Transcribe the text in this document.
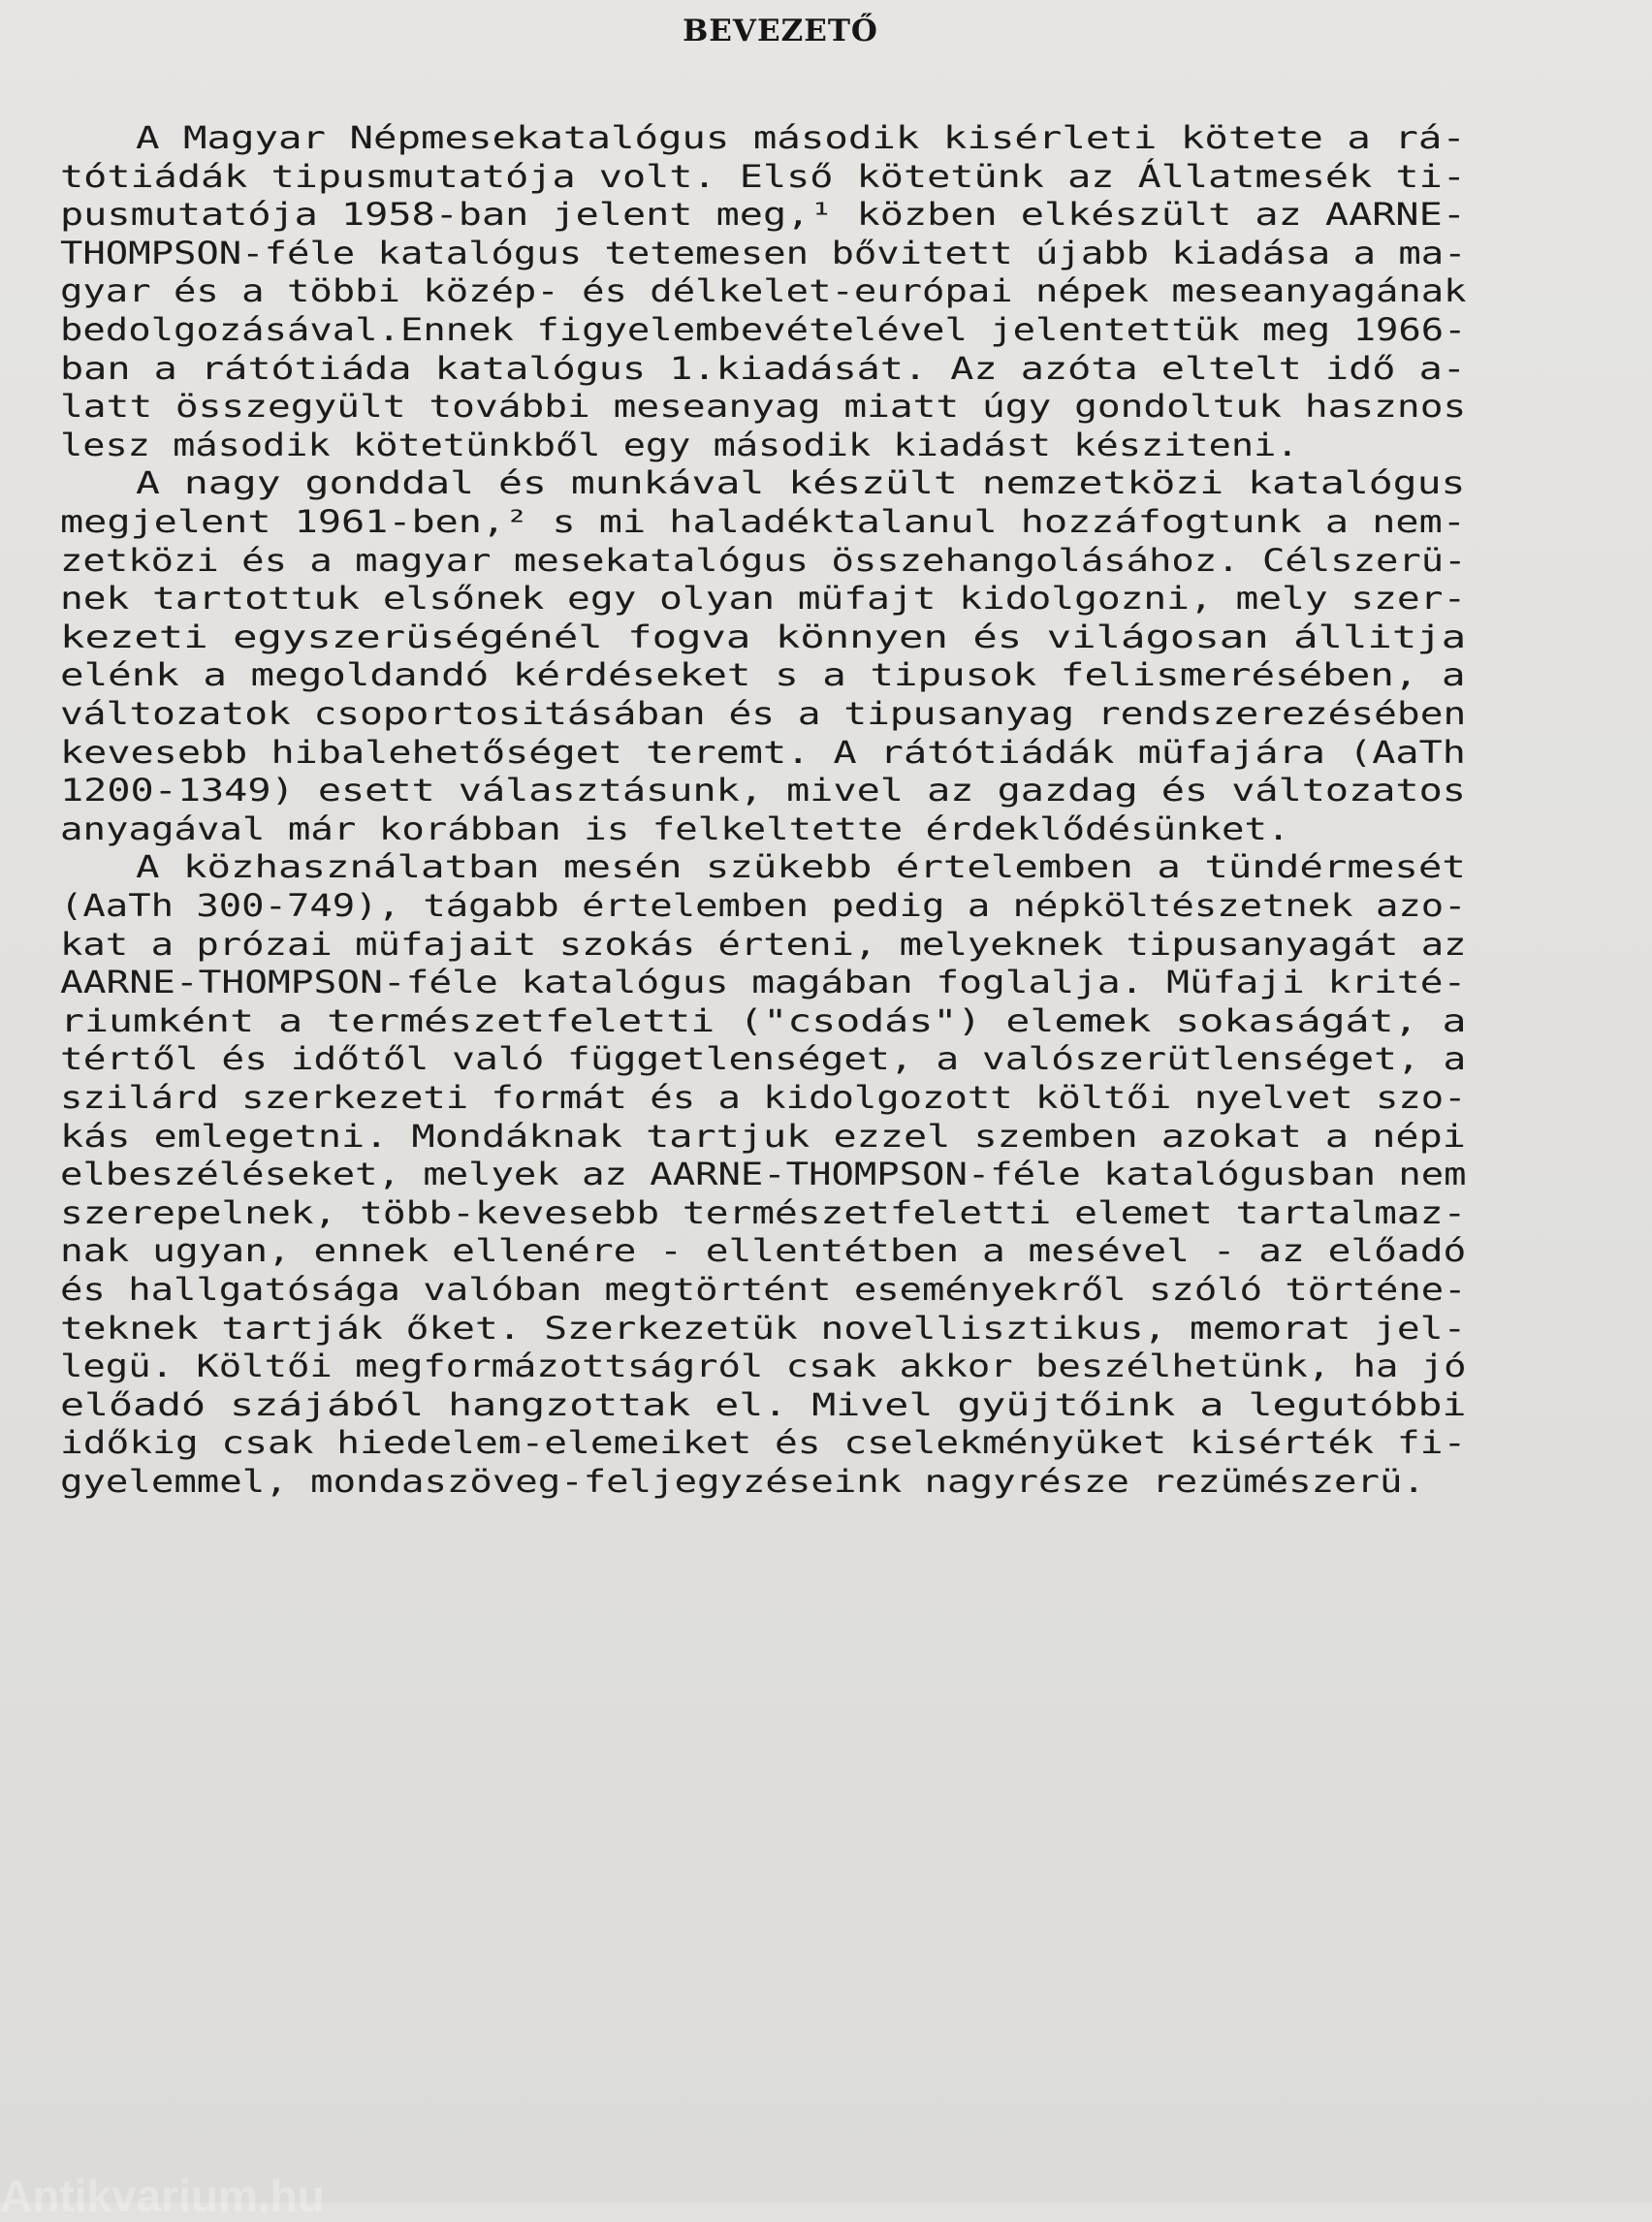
BEVEZETŐ
A Magyar Népmesekatalógus második kisérleti kötete a rá-
tótiádák tipusmutatója volt. Első kötetünk az Állatmesék ti-
pusmutatója 1958-ban jelent meg,¹ közben elkészült az AARNE-
THOMPSON-féle katalógus tetemesen bővitett újabb kiadása a ma-
gyar és a többi közép- és délkelet-európai népek meseanyagának
bedolgozásával.Ennek figyelembevételével jelentettük meg 1966-
ban a rátótiáda katalógus 1.kiadását. Az azóta eltelt idő a-
latt összegyült további meseanyag miatt úgy gondoltuk hasznos
lesz második kötetünkből egy második kiadást késziteni.
A nagy gonddal és munkával készült nemzetközi katalógus
megjelent 1961-ben,² s mi haladéktalanul hozzáfogtunk a nem-
zetközi és a magyar mesekatalógus összehangolásához. Célszerü-
nek tartottuk elsőnek egy olyan müfajt kidolgozni, mely szer-
kezeti egyszerüségénél fogva könnyen és világosan állitja
elénk a megoldandó kérdéseket s a tipusok felismerésében, a
változatok csoportositásában és a tipusanyag rendszerezésében
kevesebb hibalehetőséget teremt. A rátótiádák müfajára (AaTh
1200-1349) esett választásunk, mivel az gazdag és változatos
anyagával már korábban is felkeltette érdeklődésünket.
A közhasználatban mesén szükebb értelemben a tündérmesét
(AaTh 300-749), tágabb értelemben pedig a népköltészetnek azo-
kat a prózai müfajait szokás érteni, melyeknek tipusanyagát az
AARNE-THOMPSON-féle katalógus magában foglalja. Müfaji krité-
riumként a természetfeletti ("csodás") elemek sokaságát, a
tértől és időtől való függetlenséget, a valószerütlenséget, a
szilárd szerkezeti formát és a kidolgozott költői nyelvet szo-
kás emlegetni. Mondáknak tartjuk ezzel szemben azokat a népi
elbeszéléseket, melyek az AARNE-THOMPSON-féle katalógusban nem
szerepelnek, több-kevesebb természetfeletti elemet tartalmaz-
nak ugyan, ennek ellenére - ellentétben a mesével - az előadó
és hallgatósága valóban megtörtént eseményekről szóló történe-
teknek tartják őket. Szerkezetük novellisztikus, memorat jel-
legü. Költői megformázottságról csak akkor beszélhetünk, ha jó
előadó szájából hangzottak el. Mivel gyüjtőink a legutóbbi
időkig csak hiedelem-elemeiket és cselekményüket kisérték fi-
gyelemmel, mondaszöveg-feljegyzéseink nagyrésze rezümészerü.
Antikvarium.hu
